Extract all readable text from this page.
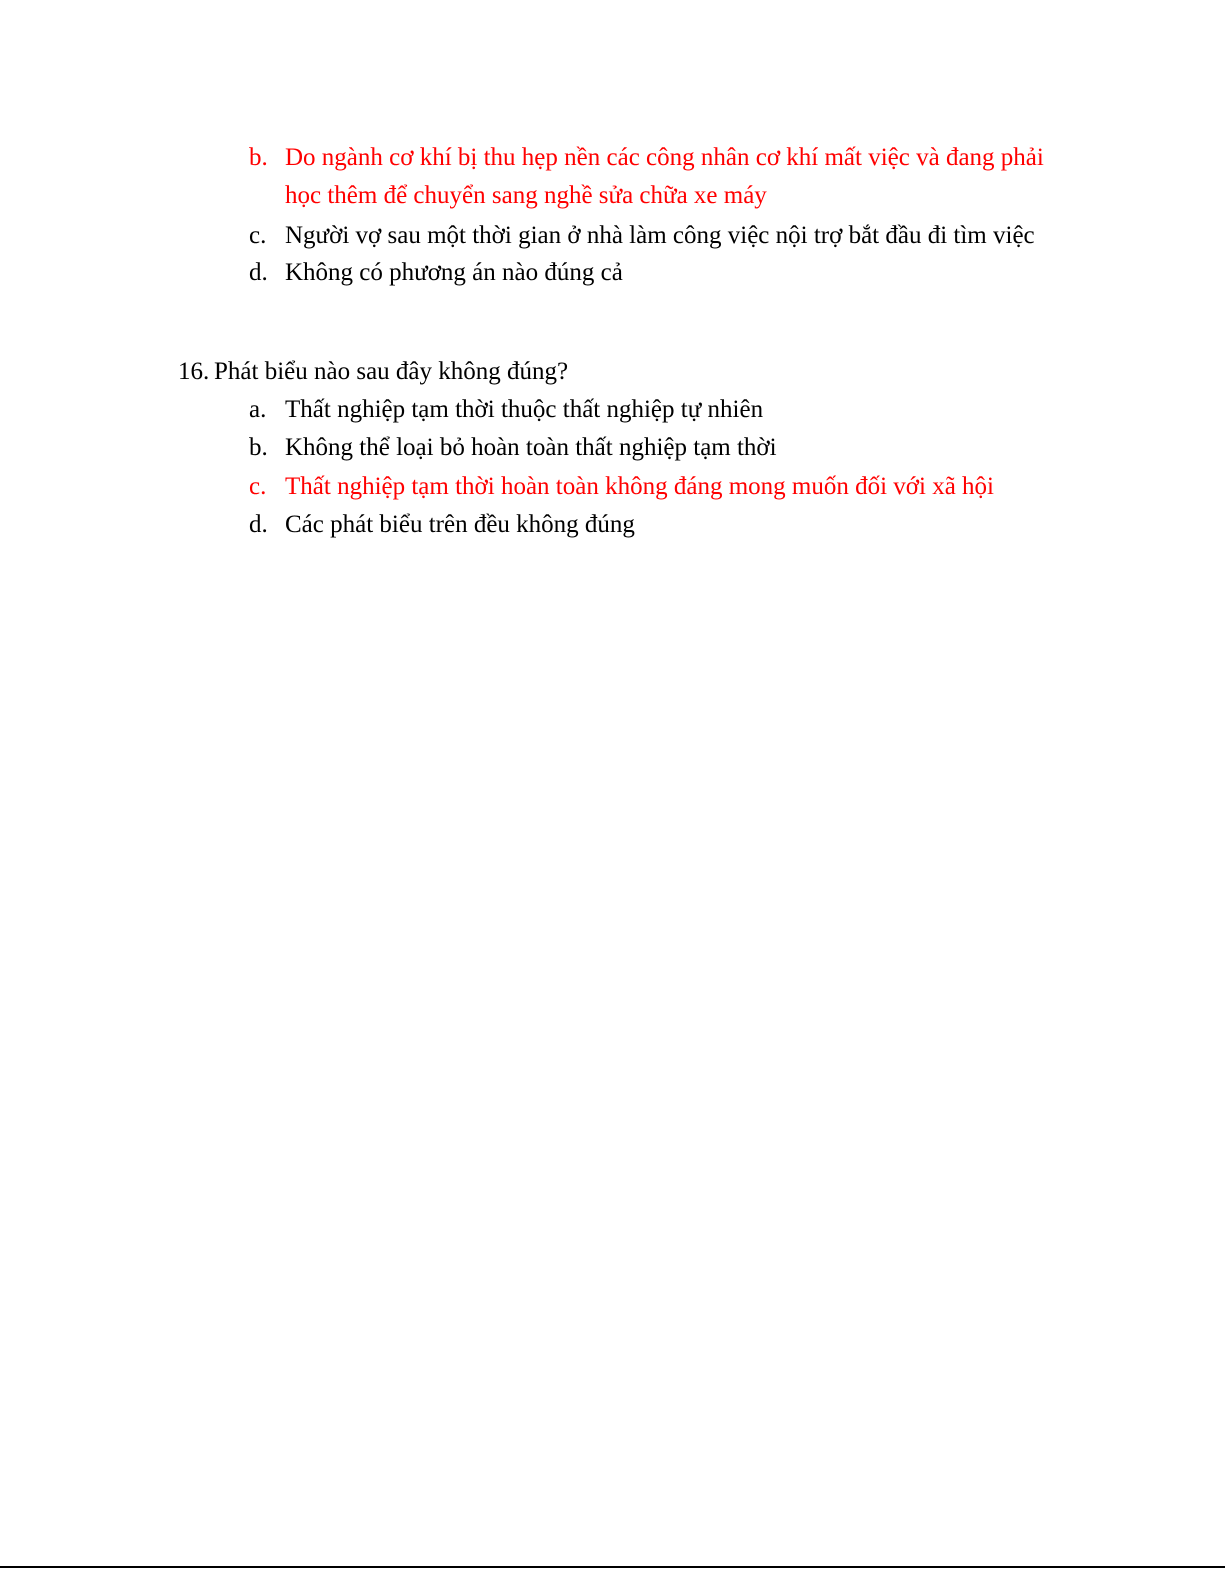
b. Do ngành cơ khí bị thu hẹp nền các công nhân cơ khí mất việc và đang phải
học thêm để chuyển sang nghề sửa chữa xe máy
c. Người vợ sau một thời gian ở nhà làm công việc nội trợ bắt đầu đi tìm việc
d. Không có phương án nào đúng cả
16. Phát biểu nào sau đây không đúng?
a. Thất nghiệp tạm thời thuộc thất nghiệp tự nhiên
b. Không thể loại bỏ hoàn toàn thất nghiệp tạm thời
c. Thất nghiệp tạm thời hoàn toàn không đáng mong muốn đối với xã hội
d. Các phát biểu trên đều không đúng
